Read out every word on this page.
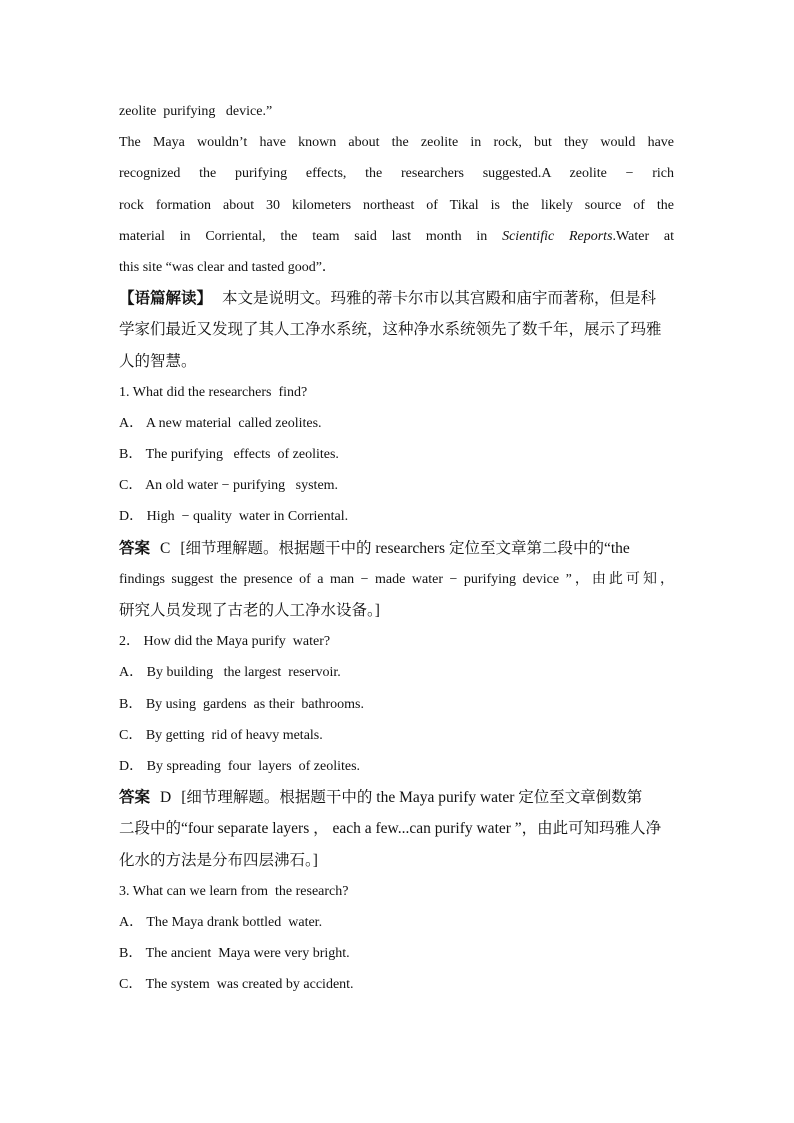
zeolite  purifying   device.”
The Maya wouldn’t have known about the zeolite in rock, but they would have
recognized the purifying effects, the researchers suggested.A zeolite − rich
rock formation about 30 kilometers northeast of Tikal is the likely source of the
material in Corriental, the team said last month in Scientific Reports.Water at
this site “was clear and tasted good”．
【语篇解读】 本文是说明文。玛雅的蒂卡尔市以其宫殿和庙宇而著称，但是科
学家们最近又发现了其人工净水系统，这种净水系统领先了数千年，展示了玛雅
人的智慧。
1. What did the researchers  find?
A． A new material  called zeolites.
B． The purifying   effects  of zeolites.
C． An old water − purifying   system.
D． High  − quality  water in Corriental.
答案 C [细节理解题。根据题干中的 researchers 定位至文章第二段中的“the
findings suggest the presence of a man − made water − purifying device ”，由此可知，
研究人员发现了古老的人工净水设备。]
2． How did the Maya purify  water?
A． By building   the largest  reservoir.
B． By using  gardens  as their  bathrooms.
C． By getting  rid of heavy metals.
D． By spreading  four  layers  of zeolites.
答案 D [细节理解题。根据题干中的 the Maya purify water 定位至文章倒数第
二段中的“four separate layers ， each a few...can purify water ”，由此可知玛雅人净
化水的方法是分布四层沸石。]
3. What can we learn from  the research?
A． The Maya drank bottled  water.
B． The ancient  Maya were very bright.
C． The system  was created by accident.
